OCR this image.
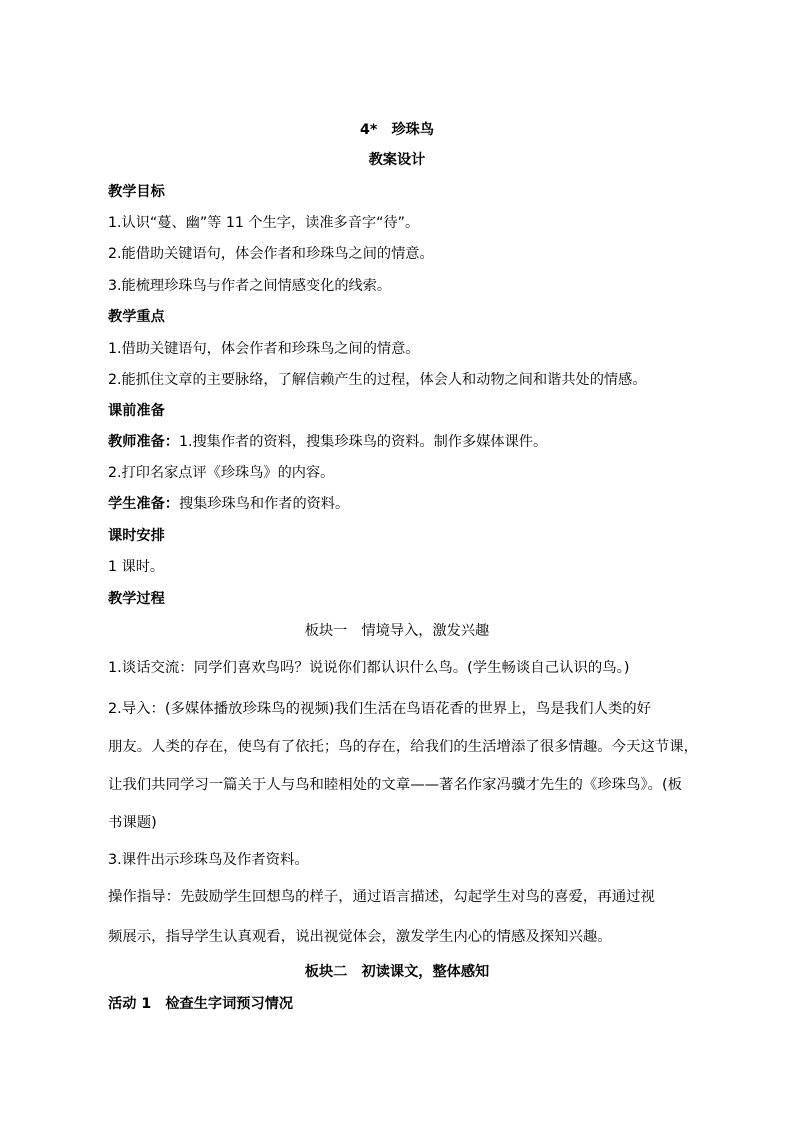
4*　珍珠鸟
教案设计
教学目标
1.认识“蔓、幽”等 11 个生字，读准多音字“待”。
2.能借助关键语句，体会作者和珍珠鸟之间的情意。
3.能梳理珍珠鸟与作者之间情感变化的线索。
教学重点
1.借助关键语句，体会作者和珍珠鸟之间的情意。
2.能抓住文章的主要脉络，了解信赖产生的过程，体会人和动物之间和谐共处的情感。
课前准备
教师准备：1.搜集作者的资料，搜集珍珠鸟的资料。制作多媒体课件。
2.打印名家点评《珍珠鸟》的内容。
学生准备：搜集珍珠鸟和作者的资料。
课时安排
1 课时。
教学过程
板块一　情境导入，激发兴趣
1.谈话交流：同学们喜欢鸟吗？说说你们都认识什么鸟。(学生畅谈自己认识的鸟。)
2.导入：(多媒体播放珍珠鸟的视频)我们生活在鸟语花香的世界上，鸟是我们人类的好
朋友。人类的存在，使鸟有了依托；鸟的存在，给我们的生活增添了很多情趣。今天这节课，
让我们共同学习一篇关于人与鸟和睦相处的文章——著名作家冯骥才先生的《珍珠鸟》。(板
书课题)
3.课件出示珍珠鸟及作者资料。
操作指导：先鼓励学生回想鸟的样子，通过语言描述，勾起学生对鸟的喜爱，再通过视
频展示，指导学生认真观看，说出视觉体会，激发学生内心的情感及探知兴趣。
板块二　初读课文，整体感知
活动 1　检查生字词预习情况
